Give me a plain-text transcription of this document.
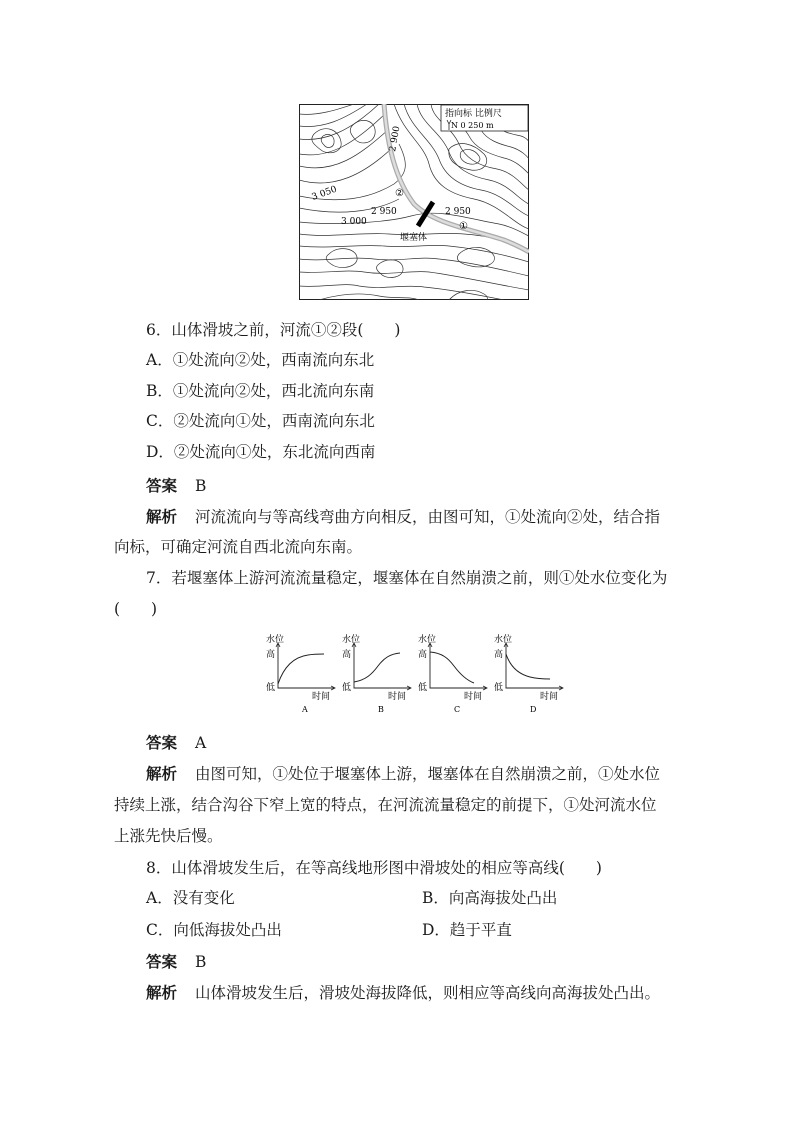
指向标 比例尺
N 0 250 m
2 900
3 050
2 950
3 000
2 950
②
①
堰塞体
6．山体滑坡之前，河流①②段(　　)
A．①处流向②处，西南流向东北
B．①处流向②处，西北流向东南
C．②处流向①处，西南流向东北
D．②处流向①处，东北流向西南
答案 B
解析 河流流向与等高线弯曲方向相反，由图可知，①处流向②处，结合指
向标，可确定河流自西北流向东南。
7．若堰塞体上游河流流量稳定，堰塞体在自然崩溃之前，则①处水位变化为
(　　)
水位
高
低
时间
A
水位
高
低
时间
B
水位
高
低
时间
C
水位
高
低
时间
D
答案 A
解析 由图可知，①处位于堰塞体上游，堰塞体在自然崩溃之前，①处水位
持续上涨，结合沟谷下窄上宽的特点，在河流流量稳定的前提下，①处河流水位
上涨先快后慢。
8．山体滑坡发生后，在等高线地形图中滑坡处的相应等高线(　　)
A．没有变化	B．向高海拔处凸出
C．向低海拔处凸出	D．趋于平直
答案 B
解析 山体滑坡发生后，滑坡处海拔降低，则相应等高线向高海拔处凸出。
